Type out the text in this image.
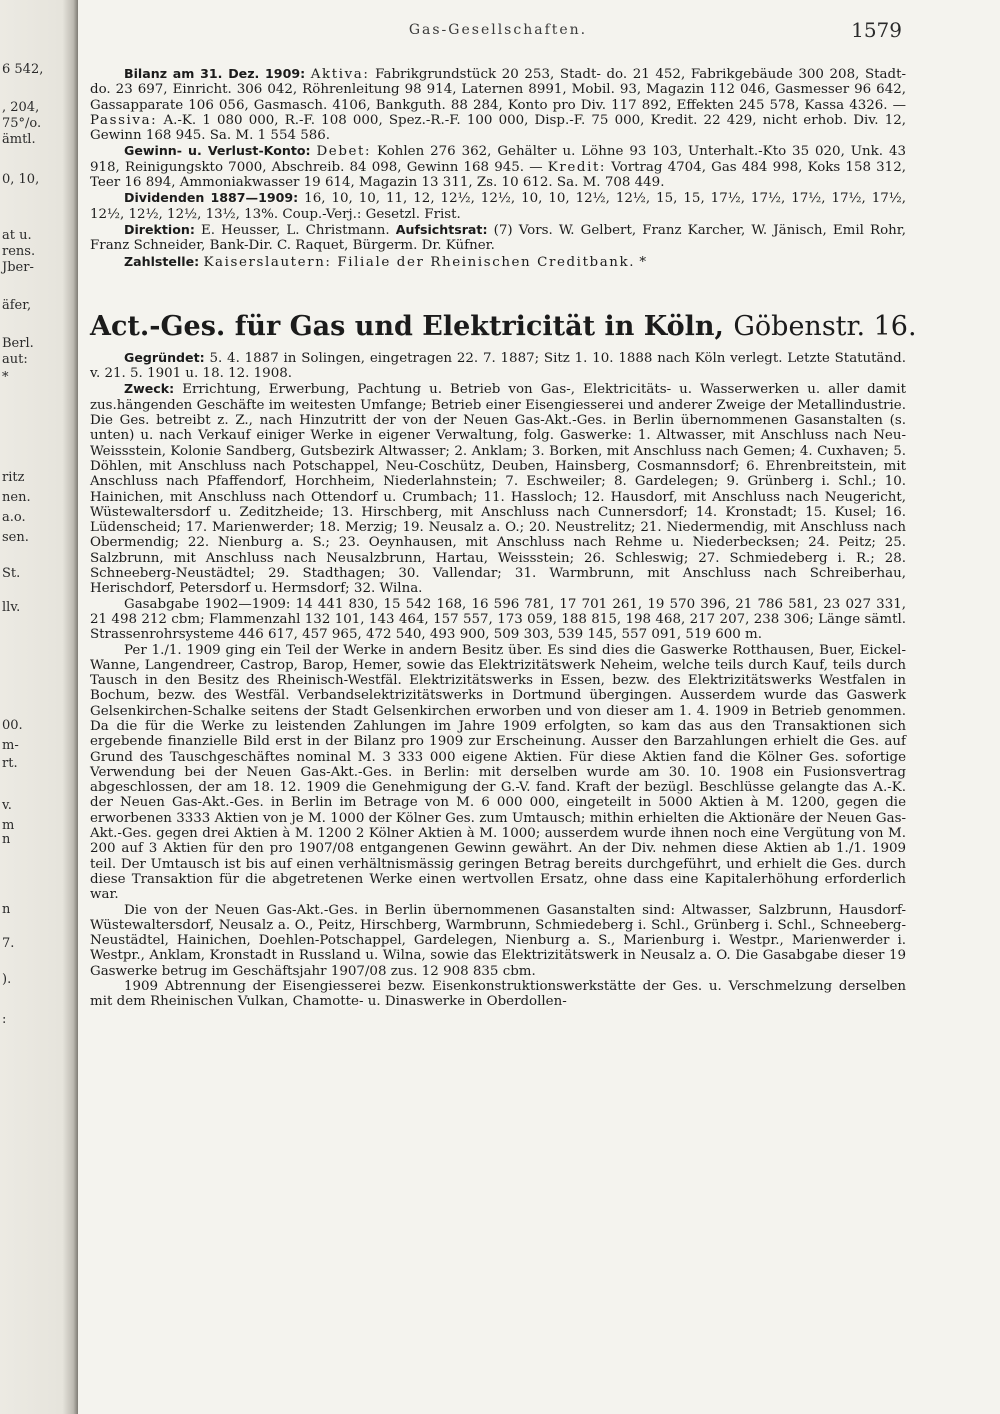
6 542,
, 204,
75°/o.
ämtl.
0, 10,
at u.
rens.
Jber-
äfer,
Berl.
aut:
*
ritz
nen.
a.o.
sen.
St.
llv.
00.
m-
rt.
v.
m
n
n
7.
).
:
Gas-Gesellschaften.	1579

Bilanz am 31. Dez. 1909: Aktiva: Fabrikgrundstück 20 253, Stadt- do. 21 452, Fabrikgebäude 300 208, Stadt- do. 23 697, Einricht. 306 042, Röhrenleitung 98 914, Laternen 8991, Mobil. 93, Magazin 112 046, Gasmesser 96 642, Gassapparate 106 056, Gasmasch. 4106, Bankguth. 88 284, Konto pro Div. 117 892, Effekten 245 578, Kassa 4326. — Passiva: A.-K. 1 080 000, R.-F. 108 000, Spez.-R.-F. 100 000, Disp.-F. 75 000, Kredit. 22 429, nicht erhob. Div. 12, Gewinn 168 945. Sa. M. 1 554 586.

Gewinn- u. Verlust-Konto: Debet: Kohlen 276 362, Gehälter u. Löhne 93 103, Unterhalt.-Kto 35 020, Unk. 43 918, Reinigungskto 7000, Abschreib. 84 098, Gewinn 168 945. — Kredit: Vortrag 4704, Gas 484 998, Koks 158 312, Teer 16 894, Ammoniakwasser 19 614, Magazin 13 311, Zs. 10 612. Sa. M. 708 449.

Dividenden 1887—1909: 16, 10, 10, 11, 12, 12½, 12½, 10, 10, 12½, 12½, 15, 15, 17½, 17½, 17½, 17½, 17½, 12½, 12½, 12½, 13½, 13%. Coup.-Verj.: Gesetzl. Frist.

Direktion: E. Heusser, L. Christmann. Aufsichtsrat: (7) Vors. W. Gelbert, Franz Karcher, W. Jänisch, Emil Rohr, Franz Schneider, Bank-Dir. C. Raquet, Bürgerm. Dr. Küfner.

Zahlstelle: Kaiserslautern: Filiale der Rheinischen Creditbank. *

Act.-Ges. für Gas und Elektricität in Köln, Göbenstr. 16.

Gegründet: 5. 4. 1887 in Solingen, eingetragen 22. 7. 1887; Sitz 1. 10. 1888 nach Köln verlegt. Letzte Statutänd. v. 21. 5. 1901 u. 18. 12. 1908.

Zweck: Errichtung, Erwerbung, Pachtung u. Betrieb von Gas-, Elektricitäts- u. Wasserwerken u. aller damit zus.hängenden Geschäfte im weitesten Umfange; Betrieb einer Eisengiesserei und anderer Zweige der Metallindustrie. Die Ges. betreibt z. Z., nach Hinzutritt der von der Neuen Gas-Akt.-Ges. in Berlin übernommenen Gasanstalten (s. unten) u. nach Verkauf einiger Werke in eigener Verwaltung, folg. Gaswerke: 1. Altwasser, mit Anschluss nach Neu-Weissstein, Kolonie Sandberg, Gutsbezirk Altwasser; 2. Anklam; 3. Borken, mit Anschluss nach Gemen; 4. Cuxhaven; 5. Döhlen, mit Anschluss nach Potschappel, Neu-Coschütz, Deuben, Hainsberg, Cosmannsdorf; 6. Ehrenbreitstein, mit Anschluss nach Pfaffendorf, Horchheim, Niederlahnstein; 7. Eschweiler; 8. Gardelegen; 9. Grünberg i. Schl.; 10. Hainichen, mit Anschluss nach Ottendorf u. Crumbach; 11. Hassloch; 12. Hausdorf, mit Anschluss nach Neugericht, Wüstewaltersdorf u. Zeditzheide; 13. Hirschberg, mit Anschluss nach Cunnersdorf; 14. Kronstadt; 15. Kusel; 16. Lüdenscheid; 17. Marienwerder; 18. Merzig; 19. Neusalz a. O.; 20. Neustrelitz; 21. Niedermendig, mit Anschluss nach Obermendig; 22. Nienburg a. S.; 23. Oeynhausen, mit Anschluss nach Rehme u. Niederbecksen; 24. Peitz; 25. Salzbrunn, mit Anschluss nach Neusalzbrunn, Hartau, Weissstein; 26. Schleswig; 27. Schmiedeberg i. R.; 28. Schneeberg-Neustädtel; 29. Stadthagen; 30. Vallendar; 31. Warmbrunn, mit Anschluss nach Schreiberhau, Herischdorf, Petersdorf u. Hermsdorf; 32. Wilna.

Gasabgabe 1902—1909: 14 441 830, 15 542 168, 16 596 781, 17 701 261, 19 570 396, 21 786 581, 23 027 331, 21 498 212 cbm; Flammenzahl 132 101, 143 464, 157 557, 173 059, 188 815, 198 468, 217 207, 238 306; Länge sämtl. Strassenrohrsysteme 446 617, 457 965, 472 540, 493 900, 509 303, 539 145, 557 091, 519 600 m.

Per 1./1. 1909 ging ein Teil der Werke in andern Besitz über. Es sind dies die Gaswerke Rotthausen, Buer, Eickel-Wanne, Langendreer, Castrop, Barop, Hemer, sowie das Elektrizitätswerk Neheim, welche teils durch Kauf, teils durch Tausch in den Besitz des Rheinisch-Westfäl. Elektrizitätswerks in Essen, bezw. des Elektrizitätswerks Westfalen in Bochum, bezw. des Westfäl. Verbandselektrizitätswerks in Dortmund übergingen. Ausserdem wurde das Gaswerk Gelsenkirchen-Schalke seitens der Stadt Gelsenkirchen erworben und von dieser am 1. 4. 1909 in Betrieb genommen. Da die für die Werke zu leistenden Zahlungen im Jahre 1909 erfolgten, so kam das aus den Transaktionen sich ergebende finanzielle Bild erst in der Bilanz pro 1909 zur Erscheinung. Ausser den Barzahlungen erhielt die Ges. auf Grund des Tauschgeschäftes nominal M. 3 333 000 eigene Aktien. Für diese Aktien fand die Kölner Ges. sofortige Verwendung bei der Neuen Gas-Akt.-Ges. in Berlin: mit derselben wurde am 30. 10. 1908 ein Fusionsvertrag abgeschlossen, der am 18. 12. 1909 die Genehmigung der G.-V. fand. Kraft der bezügl. Beschlüsse gelangte das A.-K. der Neuen Gas-Akt.-Ges. in Berlin im Betrage von M. 6 000 000, eingeteilt in 5000 Aktien à M. 1200, gegen die erworbenen 3333 Aktien von je M. 1000 der Kölner Ges. zum Umtausch; mithin erhielten die Aktionäre der Neuen Gas-Akt.-Ges. gegen drei Aktien à M. 1200 2 Kölner Aktien à M. 1000; ausserdem wurde ihnen noch eine Vergütung von M. 200 auf 3 Aktien für den pro 1907/08 entgangenen Gewinn gewährt. An der Div. nehmen diese Aktien ab 1./1. 1909 teil. Der Umtausch ist bis auf einen verhältnismässig geringen Betrag bereits durchgeführt, und erhielt die Ges. durch diese Transaktion für die abgetretenen Werke einen wertvollen Ersatz, ohne dass eine Kapitalerhöhung erforderlich war.

Die von der Neuen Gas-Akt.-Ges. in Berlin übernommenen Gasanstalten sind: Altwasser, Salzbrunn, Hausdorf-Wüstewaltersdorf, Neusalz a. O., Peitz, Hirschberg, Warmbrunn, Schmiedeberg i. Schl., Grünberg i. Schl., Schneeberg-Neustädtel, Hainichen, Doehlen-Potschappel, Gardelegen, Nienburg a. S., Marienburg i. Westpr., Marienwerder i. Westpr., Anklam, Kronstadt in Russland u. Wilna, sowie das Elektrizitätswerk in Neusalz a. O. Die Gasabgabe dieser 19 Gaswerke betrug im Geschäftsjahr 1907/08 zus. 12 908 835 cbm.

1909 Abtrennung der Eisengiesserei bezw. Eisenkonstruktionswerkstätte der Ges. u. Verschmelzung derselben mit dem Rheinischen Vulkan, Chamotte- u. Dinaswerke in Oberdollen-
